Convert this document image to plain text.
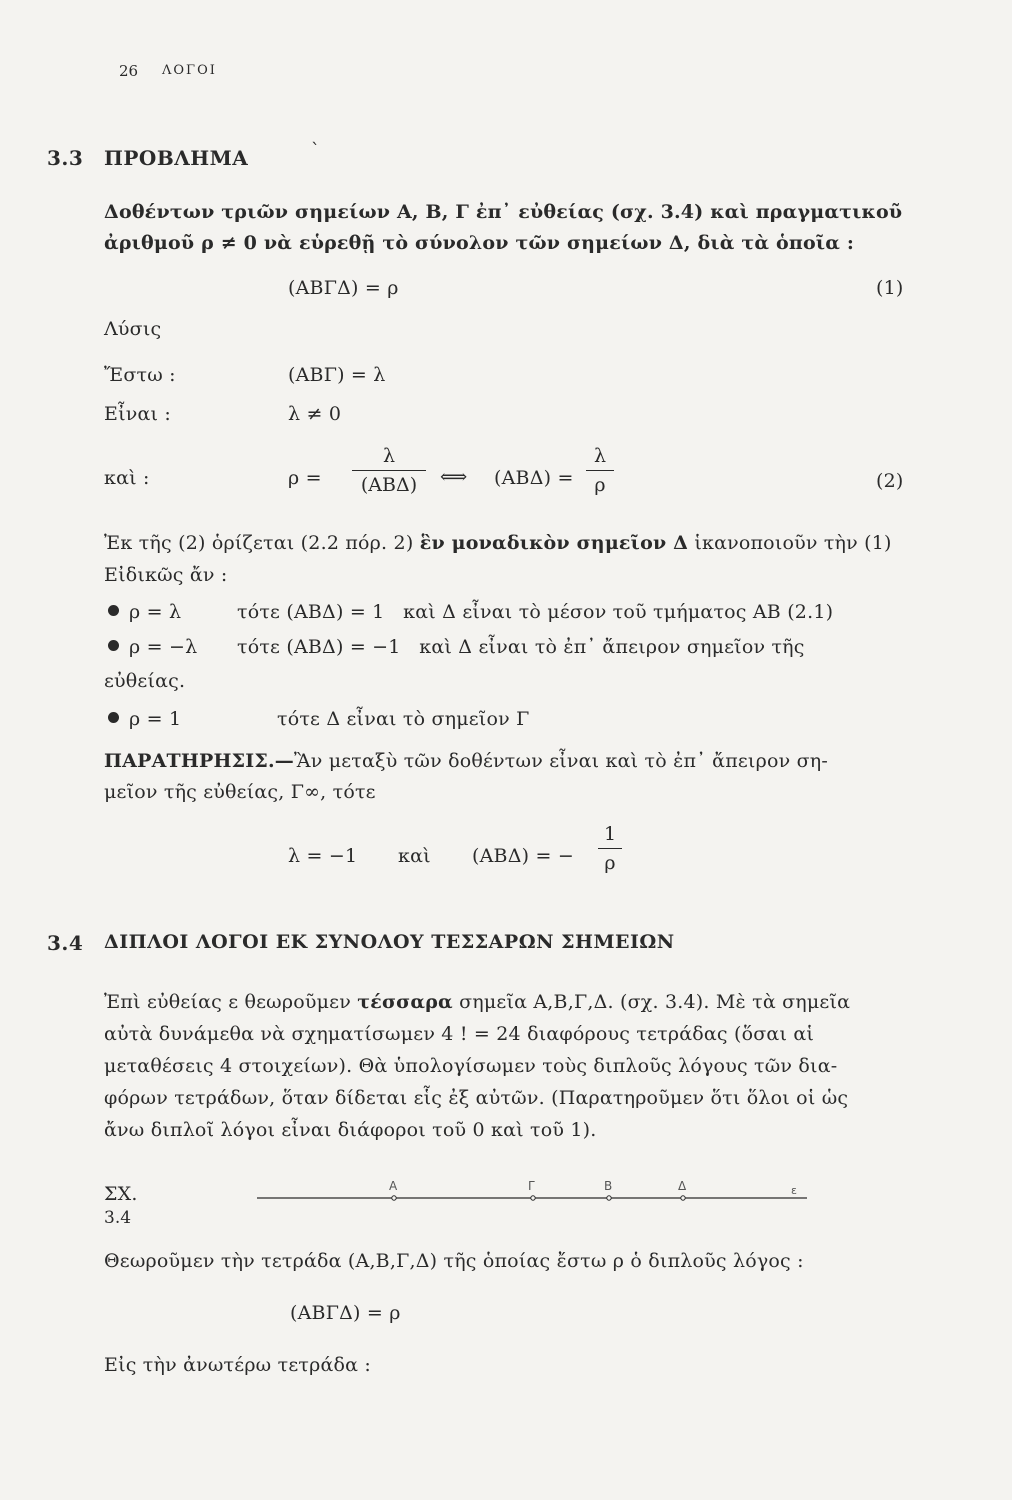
26 ΛΟΓΟΙ
3.3 ΠΡΟΒΛΗΜΑ	`
Δοθέντων τριῶν σημείων Α, Β, Γ ἐπ᾽ εὐθείας (σχ. 3.4) καὶ πραγματικοῦ
ἀριθμοῦ ρ ≠ 0 νὰ εὑρεθῇ τὸ σύνολον τῶν σημείων Δ, διὰ τὰ ὁποῖα :
(ΑΒΓΔ) = ρ	(1)
Λύσις
Ἔστω :	(ΑΒΓ) = λ
Εἶναι :	λ ≠ 0
καὶ :	ρ =
λ
(ΑΒΔ)	⟺ (ΑΒΔ) =
λ
ρ	(2)
Ἐκ τῆς (2) ὁρίζεται (2.2 πόρ. 2) ἓν μοναδικὸν σημεῖον Δ ἱκανοποιοῦν τὴν (1)
Εἰδικῶς ἄν :
ρ = λ	τότε (ΑΒΔ) = 1   καὶ Δ εἶναι τὸ μέσον τοῦ τμήματος ΑΒ (2.1)
ρ = −λ τότε (ΑΒΔ) = −1   καὶ Δ εἶναι τὸ ἐπ᾽ ἄπειρον σημεῖον τῆς
εὐθείας.
ρ = 1	τότε Δ εἶναι τὸ σημεῖον Γ
ΠΑΡΑΤΗΡΗΣΙΣ.—Ἂν μεταξὺ τῶν δοθέντων εἶναι καὶ τὸ ἐπ᾽ ἄπειρον ση-
μεῖον τῆς εὐθείας, Γ∞, τότε
λ = −1 καὶ (ΑΒΔ) = −
1
ρ
3.4 ΔΙΠΛΟΙ ΛΟΓΟΙ ΕΚ ΣΥΝΟΛΟΥ ΤΕΣΣΑΡΩΝ ΣΗΜΕΙΩΝ
Ἐπὶ εὐθείας ε θεωροῦμεν τέσσαρα σημεῖα Α,Β,Γ,Δ. (σχ. 3.4). Μὲ τὰ σημεῖα
αὐτὰ δυνάμεθα νὰ σχηματίσωμεν 4 ! = 24 διαφόρους τετράδας (ὅσαι αἱ
μεταθέσεις 4 στοιχείων). Θὰ ὑπολογίσωμεν τοὺς διπλοῦς λόγους τῶν δια-
φόρων τετράδων, ὅταν δίδεται εἷς ἐξ αὐτῶν. (Παρατηροῦμεν ὅτι ὅλοι οἱ ὡς
ἄνω διπλοῖ λόγοι εἶναι διάφοροι τοῦ 0 καὶ τοῦ 1).
ΣΧ.
3.4
Α	Γ	Β	Δ	ε
Θεωροῦμεν τὴν τετράδα (Α,Β,Γ,Δ) τῆς ὁποίας ἔστω ρ ὁ διπλοῦς λόγος :
(ΑΒΓΔ) = ρ
Εἰς τὴν ἀνωτέρω τετράδα :
